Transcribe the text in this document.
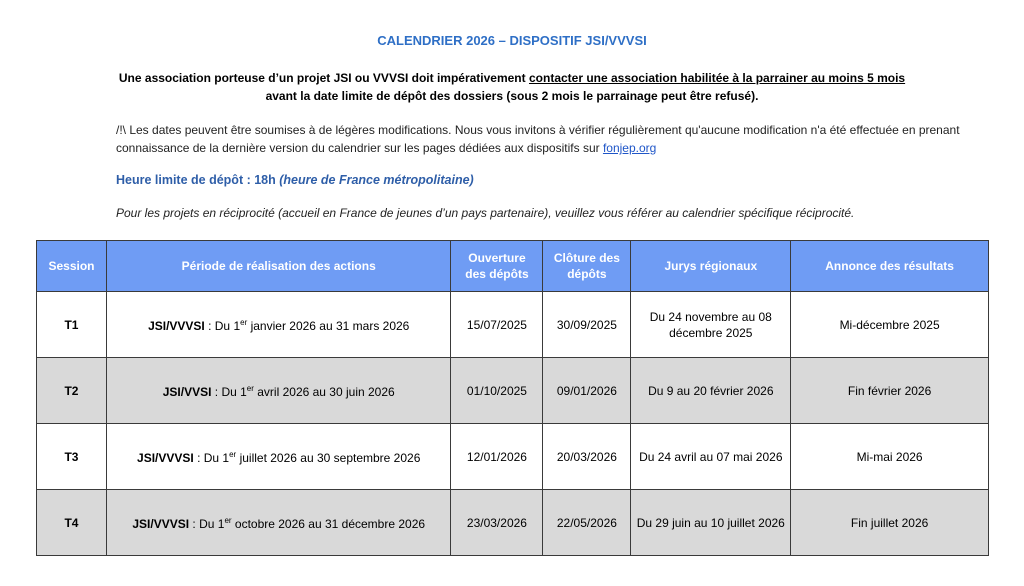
CALENDRIER 2026 – DISPOSITIF JSI/VVVSI
Une association porteuse d’un projet JSI ou VVVSI doit impérativement contacter une association habilitée à la parrainer au moins 5 mois
avant la date limite de dépôt des dossiers (sous 2 mois le parrainage peut être refusé).
/!\ Les dates peuvent être soumises à de légères modifications. Nous vous invitons à vérifier régulièrement qu'aucune modification n'a été effectuée en prenant connaissance de la dernière version du calendrier sur les pages dédiées aux dispositifs sur fonjep.org
Heure limite de dépôt : 18h (heure de France métropolitaine)
Pour les projets en réciprocité (accueil en France de jeunes d’un pays partenaire), veuillez vous référer au calendrier spécifique réciprocité.
Session	Période de réalisation des actions	Ouverture des dépôts	Clôture des dépôts	Jurys régionaux	Annonce des résultats
T1	JSI/VVVSI : Du 1er janvier 2026 au 31 mars 2026	15/07/2025	30/09/2025	Du 24 novembre au 08 décembre 2025	Mi-décembre 2025
T2	JSI/VVSI : Du 1er avril 2026 au 30 juin 2026	01/10/2025	09/01/2026	Du 9 au 20 février 2026	Fin février 2026
T3	JSI/VVVSI : Du 1er juillet 2026 au 30 septembre 2026	12/01/2026	20/03/2026	Du 24 avril au 07 mai 2026	Mi-mai 2026
T4	JSI/VVVSI : Du 1er octobre 2026 au 31 décembre 2026	23/03/2026	22/05/2026	Du 29 juin au 10 juillet 2026	Fin juillet 2026
